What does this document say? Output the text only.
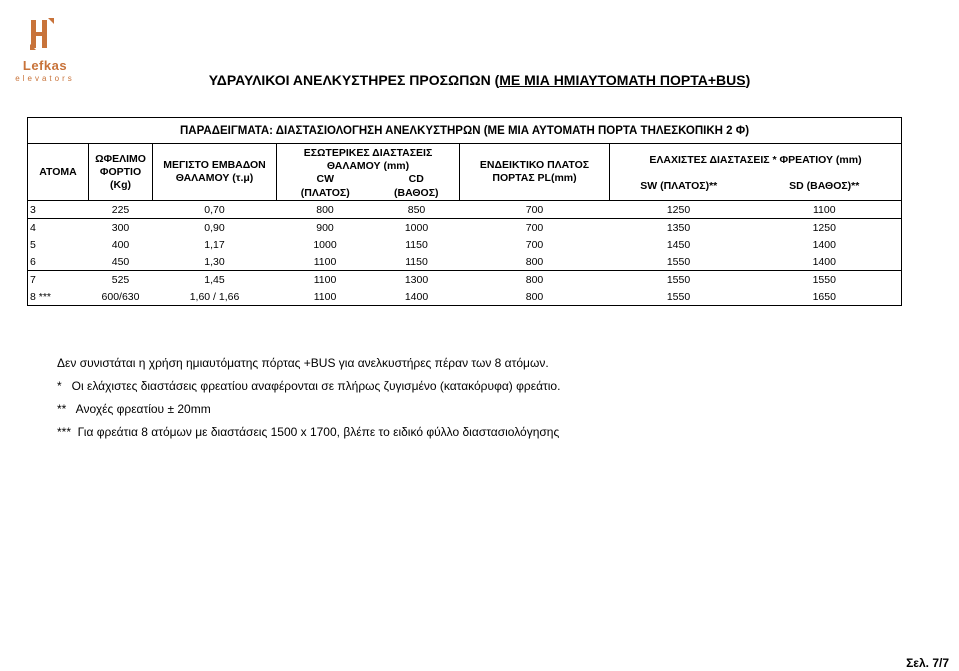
Lefkas
elevators	ΥΔΡΑΥΛΙΚΟΙ ΑΝΕΛΚΥΣΤΗΡΕΣ ΠΡΟΣΩΠΩΝ (ΜΕ ΜΙΑ ΗΜΙΑΥΤΟΜΑΤΗ ΠΟΡΤΑ+BUS)
ΠΑΡΑΔΕΙΓΜΑΤΑ: ΔΙΑΣΤΑΣΙΟΛΟΓΗΣΗ ΑΝΕΛΚΥΣΤΗΡΩΝ (ΜΕ ΜΙΑ ΑΥΤΟΜΑΤΗ ΠΟΡΤΑ ΤΗΛΕΣΚΟΠΙΚΗ 2 Φ)							
ΑΤΟΜΑ	ΩΦΕΛΙΜΟ ΦΟΡΤΙΟ (Kg)	ΜΕΓΙΣΤΟ ΕΜΒΑΔΟΝ ΘΑΛΑΜΟΥ (τ.μ)	ΕΣΩΤΕΡΙΚΕΣ ΔΙΑΣΤΑΣΕΙΣ ΘΑΛΑΜΟΥ (mm)		ΕΝΔΕΙΚΤΙΚΟ ΠΛΑΤΟΣ ΠΟΡΤΑΣ PL(mm)	ΕΛΑΧΙΣΤΕΣ ΔΙΑΣΤΑΣΕΙΣ * ΦΡΕΑΤΙΟΥ (mm)	
			CW	CD		SW (ΠΛΑΤΟΣ)**	SD (ΒΑΘΟΣ)**
			(ΠΛΑΤΟΣ)	(ΒΑΘΟΣ)			
3	225	0,70	800	850	700	1250	1100
4	300	0,90	900	1000	700	1350	1250
5	400	1,17	1000	1150	700	1450	1400
6	450	1,30	1100	1150	800	1550	1400
7	525	1,45	1100	1300	800	1550	1550
8 ***	600/630	1,60 / 1,66	1100	1400	800	1550	1650

Δεν συνιστάται η χρήση ημιαυτόματης πόρτας +BUS για ανελκυστήρες πέραν των 8 ατόμων.

*   Οι ελάχιστες διαστάσεις φρεατίου αναφέρονται σε πλήρως ζυγισμένο (κατακόρυφα) φρεάτιο.

**   Ανοχές φρεατίου ± 20mm

***  Για φρεάτια 8 ατόμων με διαστάσεις 1500 x 1700, βλέπε το ειδικό φύλλο διαστασιολόγησης

Σελ. 7/7
